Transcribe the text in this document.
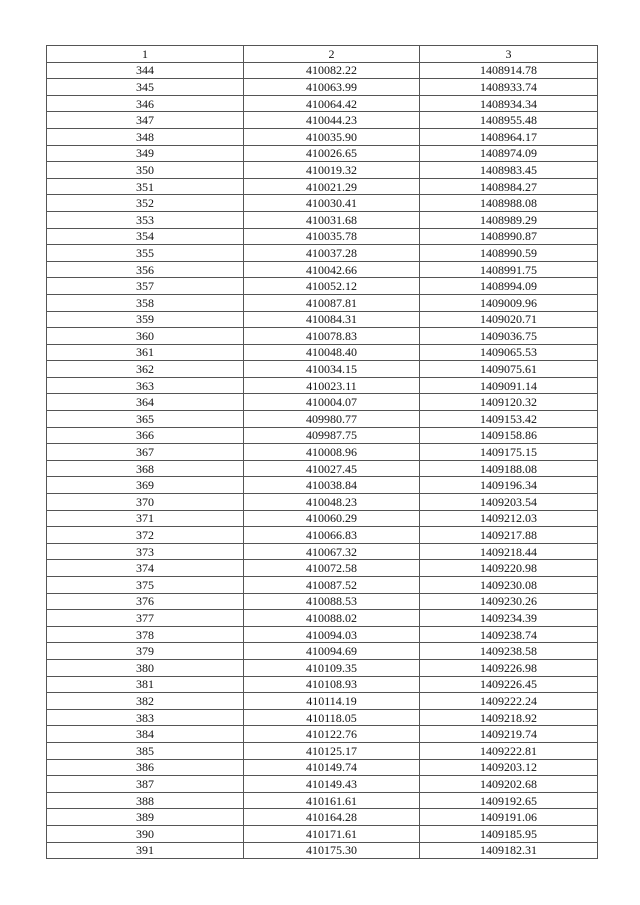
1	2	3
344	410082.22	1408914.78
345	410063.99	1408933.74
346	410064.42	1408934.34
347	410044.23	1408955.48
348	410035.90	1408964.17
349	410026.65	1408974.09
350	410019.32	1408983.45
351	410021.29	1408984.27
352	410030.41	1408988.08
353	410031.68	1408989.29
354	410035.78	1408990.87
355	410037.28	1408990.59
356	410042.66	1408991.75
357	410052.12	1408994.09
358	410087.81	1409009.96
359	410084.31	1409020.71
360	410078.83	1409036.75
361	410048.40	1409065.53
362	410034.15	1409075.61
363	410023.11	1409091.14
364	410004.07	1409120.32
365	409980.77	1409153.42
366	409987.75	1409158.86
367	410008.96	1409175.15
368	410027.45	1409188.08
369	410038.84	1409196.34
370	410048.23	1409203.54
371	410060.29	1409212.03
372	410066.83	1409217.88
373	410067.32	1409218.44
374	410072.58	1409220.98
375	410087.52	1409230.08
376	410088.53	1409230.26
377	410088.02	1409234.39
378	410094.03	1409238.74
379	410094.69	1409238.58
380	410109.35	1409226.98
381	410108.93	1409226.45
382	410114.19	1409222.24
383	410118.05	1409218.92
384	410122.76	1409219.74
385	410125.17	1409222.81
386	410149.74	1409203.12
387	410149.43	1409202.68
388	410161.61	1409192.65
389	410164.28	1409191.06
390	410171.61	1409185.95
391	410175.30	1409182.31
